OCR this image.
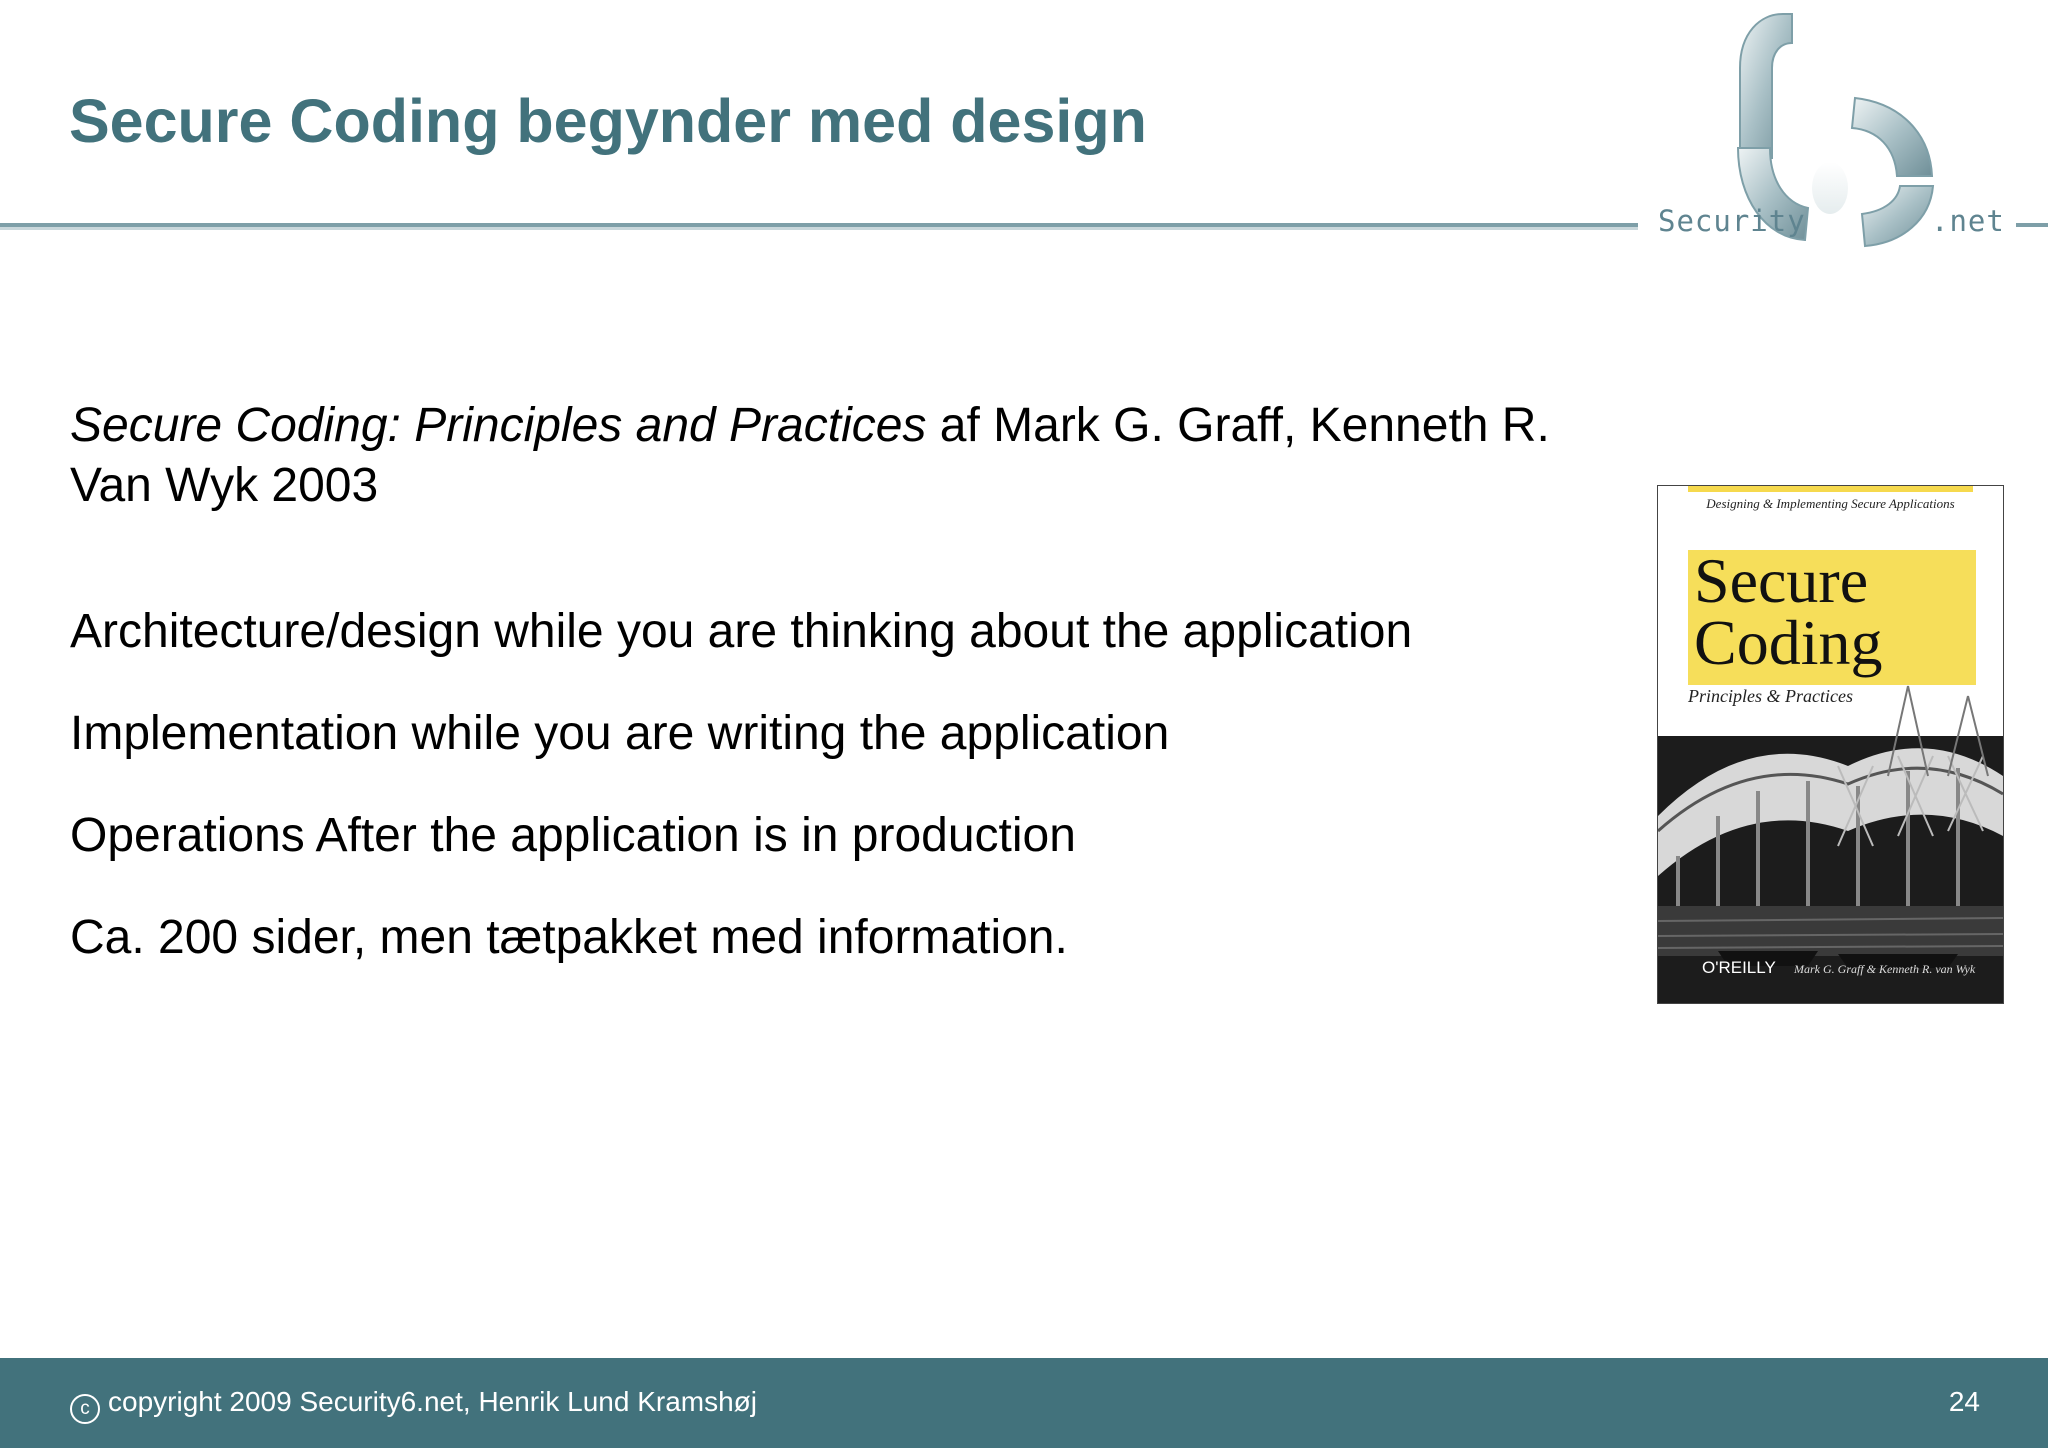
Secure Coding begynder med design
Security	.net

Secure Coding: Principles and Practices af Mark G. Graff, Kenneth R. Van Wyk 2003

Architecture/design while you are thinking about the application

Implementation while you are writing the application

Operations After the application is in production

Ca. 200 sider, men tætpakket med information.

Designing & Implementing Secure Applications

Secure
Coding

Principles & Practices
O'REILLY Mark G. Graff & Kenneth R. van Wyk
c copyright 2009 Security6.net, Henrik Lund Kramshøj	24
